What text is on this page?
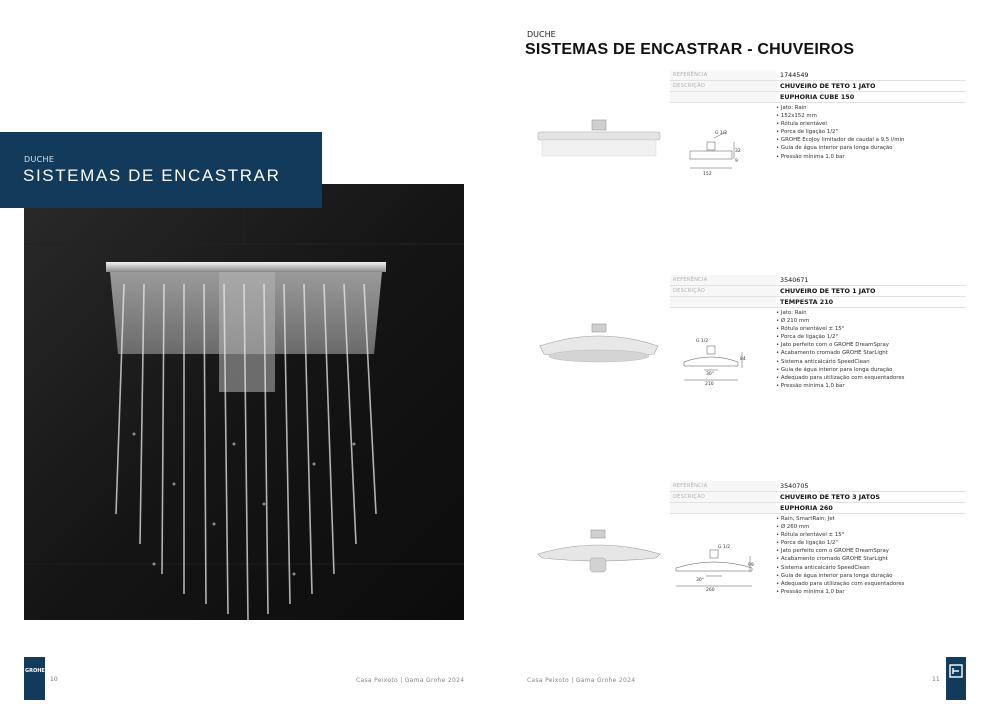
DUCHE
SISTEMAS DE ENCASTRAR
GROHE
10	Casa Peixoto | Gama Grohe 2024
DUCHE
SISTEMAS DE ENCASTRAR - CHUVEIROS
REFERÊNCIA	1744549
DESCRIÇÃO	CHUVEIRO DE TETO 1 JATO
EUPHORIA CUBE 150
• Jato: Rain
• 152x152 mm
• Rótula orientável
• Porca de ligação 1/2"
• GROHE EcoJoy limitador de caudal a 9,5 l/min
• Guia de água interior para longa duração
• Pressão mínima 1,0 bar
G 1/2
32
9
152
REFERÊNCIA	3540671
DESCRIÇÃO	CHUVEIRO DE TETO 1 JATO
TEMPESTA 210
• Jato: Rain
• Ø 210 mm
• Rótula orientável ± 15°
• Porca de ligação 1/2"
• Jato perfeito com o GROHE DreamSpray
• Acabamento cromado GROHE StarLight
• Sistema anticalcário SpeedClean
• Guia de água interior para longa duração
• Adequado para utilização com esquentadores
• Pressão mínima 1,0 bar
G 1/2
84
30°
210
REFERÊNCIA	3540705
DESCRIÇÃO	CHUVEIRO DE TETO 3 JATOS
EUPHORIA 260
• Rain, SmartRain, Jet
• Ø 260 mm
• Rótula orientável ± 15°
• Porca de ligação 1/2"
• Jato perfeito com o GROHE DreamSpray
• Acabamento cromado GROHE StarLight
• Sistema anticalcário SpeedClean
• Guia de água interior para longa duração
• Adequado para utilização com esquentadores
• Pressão mínima 1,0 bar
G 1/2
99
30°
260
Casa Peixoto | Gama Grohe 2024	11
